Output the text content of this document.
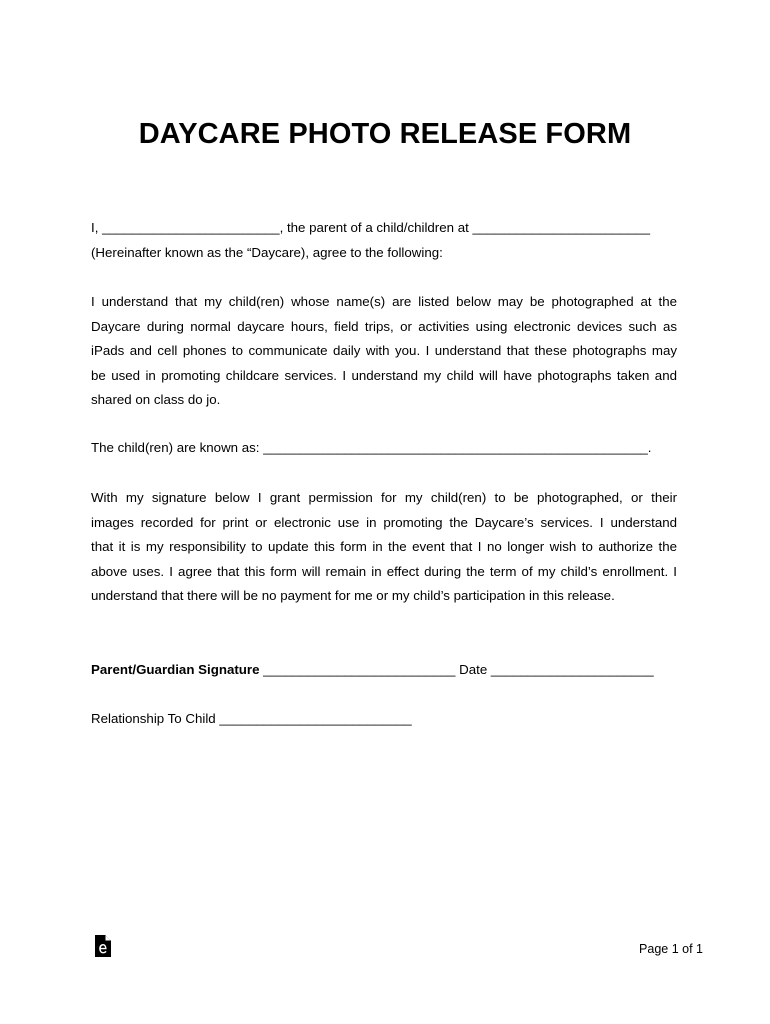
DAYCARE PHOTO RELEASE FORM
I, ________________________, the parent of a child/children at ________________________
(Hereinafter known as the “Daycare), agree to the following:
I understand that my child(ren) whose name(s) are listed below may be photographed at the
Daycare during normal daycare hours, field trips, or activities using electronic devices such as
iPads and cell phones to communicate daily with you. I understand that these photographs may
be used in promoting childcare services. I understand my child will have photographs taken and
shared on class do jo.
The child(ren) are known as: ____________________________________________________.
With my signature below I grant permission for my child(ren) to be photographed, or their
images recorded for print or electronic use in promoting the Daycare’s services. I understand
that it is my responsibility to update this form in the event that I no longer wish to authorize the
above uses. I agree that this form will remain in effect during the term of my child’s enrollment. I
understand that there will be no payment for me or my child’s participation in this release.
Parent/Guardian Signature __________________________ Date ______________________
Relationship To Child __________________________
Page 1 of 1
